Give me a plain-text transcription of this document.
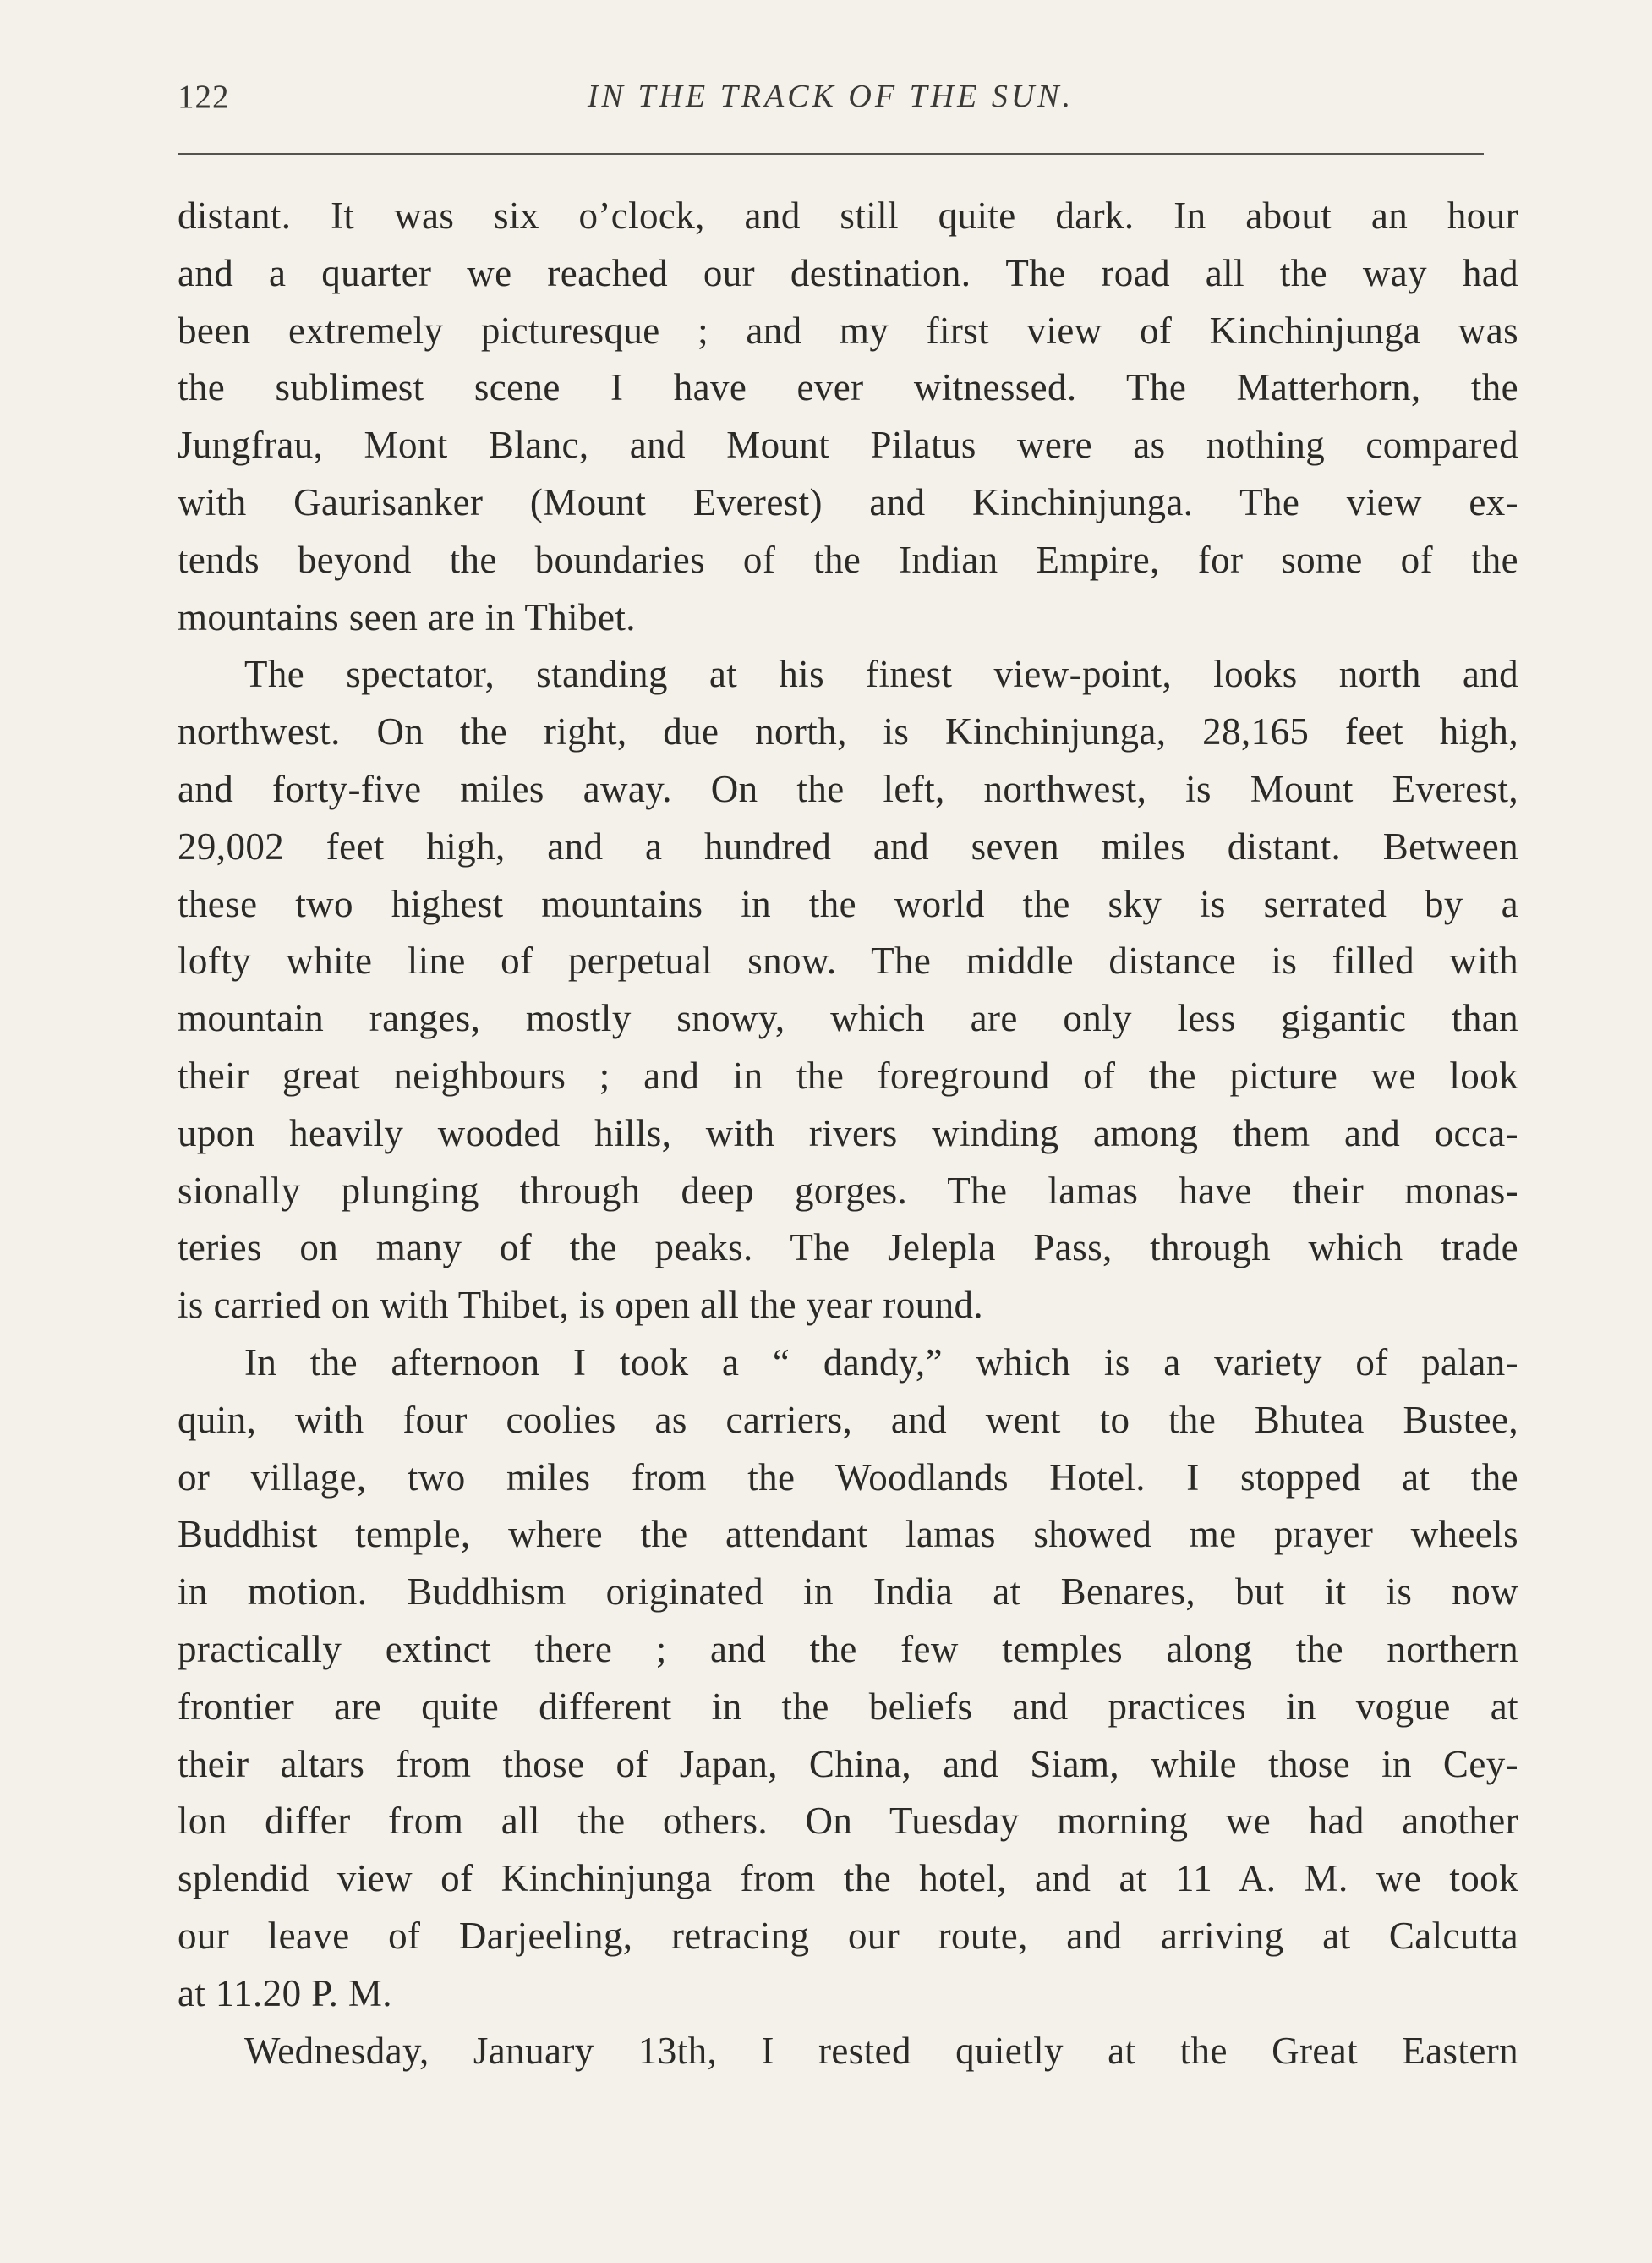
122	IN THE TRACK OF THE SUN.
distant. It was six o’clock, and still quite dark. In about an hour
and a quarter we reached our destination. The road all the way had
been extremely picturesque ; and my first view of Kinchinjunga was
the sublimest scene I have ever witnessed. The Matterhorn, the
Jungfrau, Mont Blanc, and Mount Pilatus were as nothing compared
with Gaurisanker (Mount Everest) and Kinchinjunga. The view ex-
tends beyond the boundaries of the Indian Empire, for some of the
mountains seen are in Thibet.
The spectator, standing at his finest view-point, looks north and
northwest. On the right, due north, is Kinchinjunga, 28,165 feet high,
and forty-five miles away. On the left, northwest, is Mount Everest,
29,002 feet high, and a hundred and seven miles distant. Between
these two highest mountains in the world the sky is serrated by a
lofty white line of perpetual snow. The middle distance is filled with
mountain ranges, mostly snowy, which are only less gigantic than
their great neighbours ; and in the foreground of the picture we look
upon heavily wooded hills, with rivers winding among them and occa-
sionally plunging through deep gorges. The lamas have their monas-
teries on many of the peaks. The Jelepla Pass, through which trade
is carried on with Thibet, is open all the year round.
In the afternoon I took a “ dandy,” which is a variety of palan-
quin, with four coolies as carriers, and went to the Bhutea Bustee,
or village, two miles from the Woodlands Hotel. I stopped at the
Buddhist temple, where the attendant lamas showed me prayer wheels
in motion. Buddhism originated in India at Benares, but it is now
practically extinct there ; and the few temples along the northern
frontier are quite different in the beliefs and practices in vogue at
their altars from those of Japan, China, and Siam, while those in Cey-
lon differ from all the others. On Tuesday morning we had another
splendid view of Kinchinjunga from the hotel, and at 11 A. M. we took
our leave of Darjeeling, retracing our route, and arriving at Calcutta
at 11.20 P. M.
Wednesday, January 13th, I rested quietly at the Great Eastern
